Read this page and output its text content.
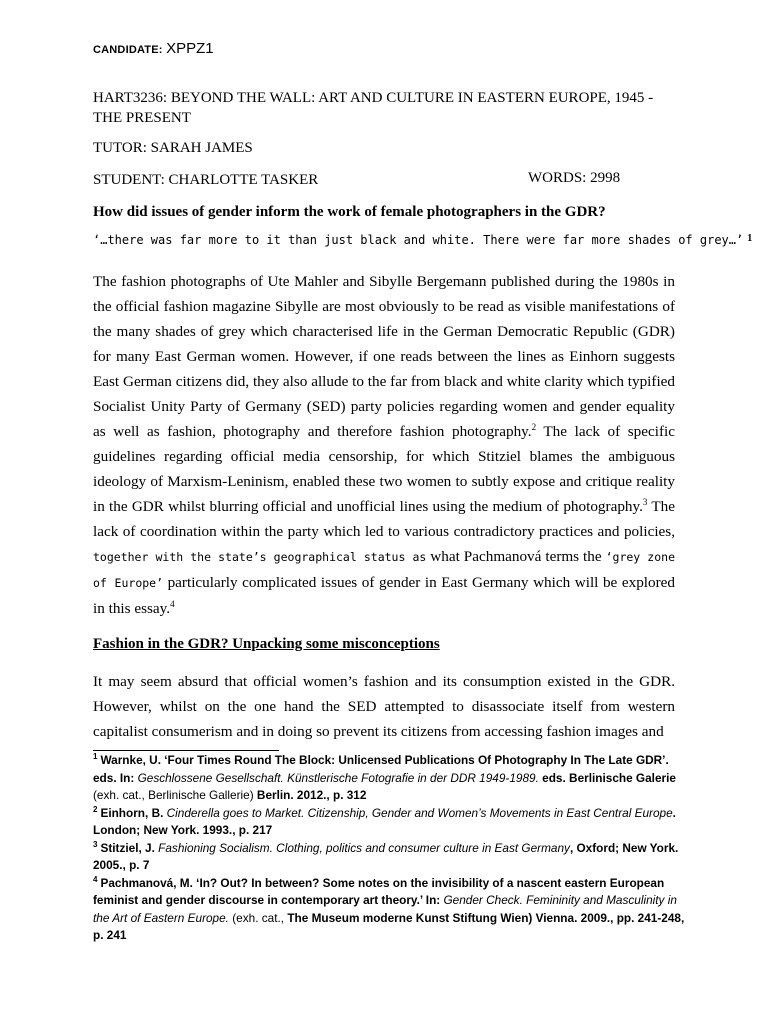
CANDIDATE: XPPZ1
HART3236: BEYOND THE WALL: ART AND CULTURE IN EASTERN EUROPE, 1945 - THE PRESENT
TUTOR: SARAH JAMES
STUDENT: CHARLOTTE TASKER	WORDS: 2998
How did issues of gender inform the work of female photographers in the GDR?
‘…there was far more to it than just black and white. There were far more shades of grey…’ $^1$

The fashion photographs of Ute Mahler and Sibylle Bergemann published during the 1980s in the official fashion magazine Sibylle are most obviously to be read as visible manifestations of the many shades of grey which characterised life in the German Democratic Republic (GDR) for many East German women. However, if one reads between the lines as Einhorn suggests East German citizens did, they also allude to the far from black and white clarity which typified Socialist Unity Party of Germany (SED) party policies regarding women and gender equality as well as fashion, photography and therefore fashion photography.$^2$ The lack of specific guidelines regarding official media censorship, for which Stitziel blames the ambiguous ideology of Marxism-Leninism, enabled these two women to subtly expose and critique reality in the GDR whilst blurring official and unofficial lines using the medium of photography.$^3$ The lack of coordination within the party which led to various contradictory practices and policies, together with the state’s geographical status as what Pachmanová terms the ‘grey zone of Europe’ particularly complicated issues of gender in East Germany which will be explored in this essay.$^4$

Fashion in the GDR? Unpacking some misconceptions

It may seem absurd that official women’s fashion and its consumption existed in the GDR. However, whilst on the one hand the SED attempted to disassociate itself from western capitalist consumerism and in doing so prevent its citizens from accessing fashion images and

$^1$ Warnke, U. ‘Four Times Round The Block: Unlicensed Publications Of Photography In The Late GDR’. eds. In: Geschlossene Gesellschaft. Künstlerische Fotografie in der DDR 1949-1989. eds. Berlinische Galerie (exh. cat., Berlinische Gallerie) Berlin. 2012., p. 312

$^2$ Einhorn, B. Cinderella goes to Market. Citizenship, Gender and Women’s Movements in East Central Europe. London; New York. 1993., p. 217

$^3$ Stitziel, J. Fashioning Socialism. Clothing, politics and consumer culture in East Germany, Oxford; New York. 2005., p. 7

$^4$ Pachmanová, M. ‘In? Out? In between? Some notes on the invisibility of a nascent eastern European feminist and gender discourse in contemporary art theory.’ In: Gender Check. Femininity and Masculinity in the Art of Eastern Europe. (exh. cat., The Museum moderne Kunst Stiftung Wien) Vienna. 2009., pp. 241-248, p. 241
